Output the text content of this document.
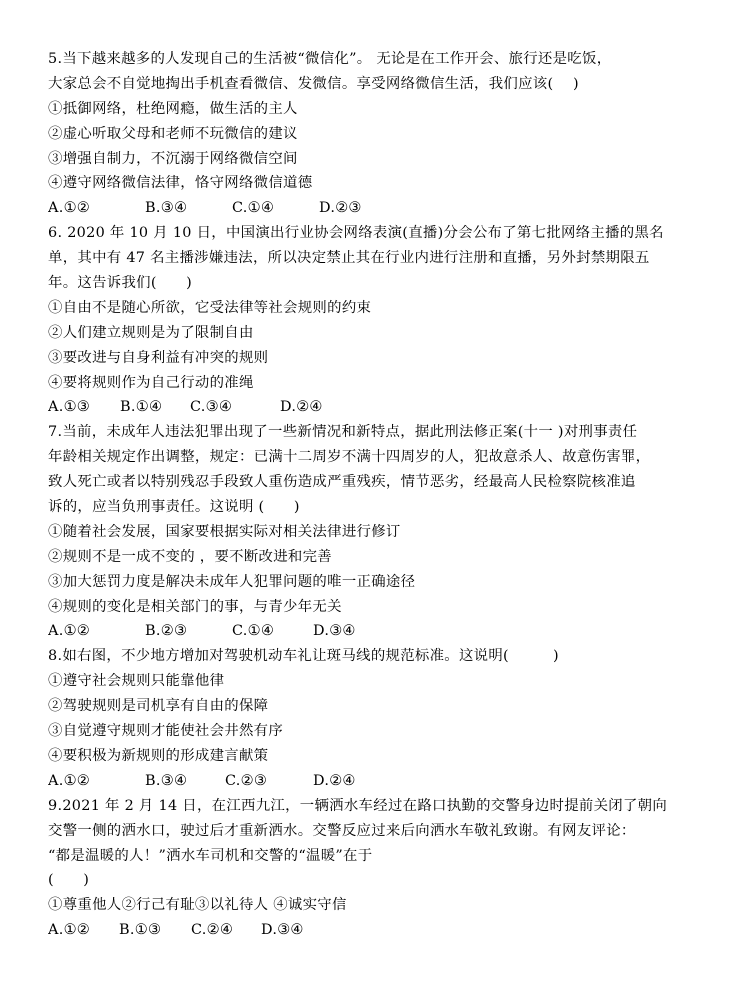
5.当下越来越多的人发现自己的生活被“微信化”。 无论是在工作开会、旅行还是吃饭，
大家总会不自觉地掏出手机查看微信、发微信。享受网络微信生活，我们应该(　 )
①抵御网络，杜绝网瘾，做生活的主人
②虚心听取父母和老师不玩微信的建议
③增强自制力，不沉溺于网络微信空间
④遵守网络微信法律，恪守网络微信道德
A.①②	B.③④	C.①④	D.②③
6. 2020 年 10 月 10 日，中国演出行业协会网络表演(直播)分会公布了第七批网络主播的黑名
单，其中有 47 名主播涉嫌违法，所以决定禁止其在行业内进行注册和直播，另外封禁期限五
年。这告诉我们(　　)
①自由不是随心所欲，它受法律等社会规则的约束
②人们建立规则是为了限制自由
③要改进与自身利益有冲突的规则
④要将规则作为自己行动的准绳
A.①③ B.①④ C.③④	D.②④
7.当前，未成年人违法犯罪出现了一些新情况和新特点，据此刑法修正案(十一 )对刑事责任
年龄相关规定作出调整，规定：已满十二周岁不满十四周岁的人，犯故意杀人、故意伤害罪，
致人死亡或者以特别残忍手段致人重伤造成严重残疾，情节恶劣，经最高人民检察院核准追
诉的，应当负刑事责任。这说明 (　　)
①随着社会发展，国家要根据实际对相关法律进行修订
②规则不是一成不变的 ，要不断改进和完善
③加大惩罚力度是解决未成年人犯罪问题的唯一正确途径
④规则的变化是相关部门的事，与青少年无关
A.①②	B.②③	C.①④	D.③④
8.如右图，不少地方增加对驾驶机动车礼让斑马线的规范标准。这说明(　　　)
①遵守社会规则只能靠他律
②驾驶规则是司机享有自由的保障
③自觉遵守规则才能使社会井然有序
④要积极为新规则的形成建言献策
A.①②	B.③④	C.②③	D.②④
9.2021 年 2 月 14 日，在江西九江，一辆洒水车经过在路口执勤的交警身边时提前关闭了朝向
交警一侧的洒水口，驶过后才重新洒水。交警反应过来后向洒水车敬礼致谢。有网友评论：
“都是温暖的人！”洒水车司机和交警的“温暖”在于
(　　)
①尊重他人②行己有耻③以礼待人 ④诚实守信
A.①② B.①③ C.②④ D.③④
